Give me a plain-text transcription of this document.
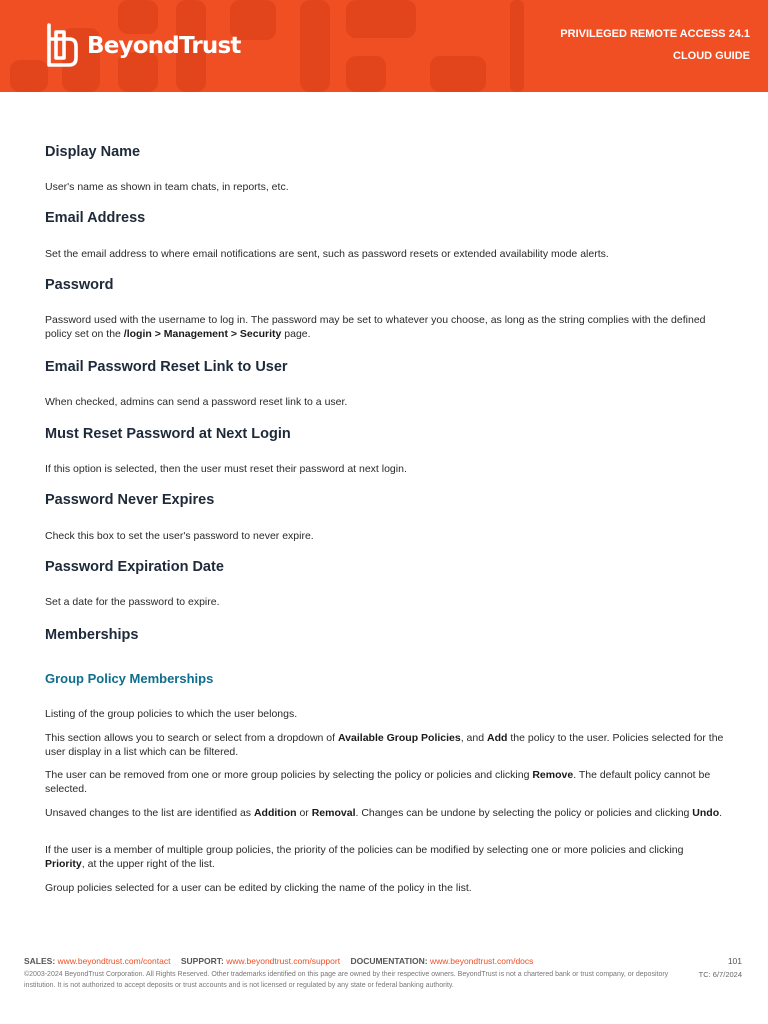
BeyondTrust	PRIVILEGED REMOTE ACCESS 24.1
CLOUD GUIDE
Display Name

User's name as shown in team chats, in reports, etc.

Email Address

Set the email address to where email notifications are sent, such as password resets or extended availability mode alerts.

Password

Password used with the username to log in. The password may be set to whatever you choose, as long as the string complies with the defined policy set on the /login > Management > Security page.

Email Password Reset Link to User

When checked, admins can send a password reset link to a user.

Must Reset Password at Next Login

If this option is selected, then the user must reset their password at next login.

Password Never Expires

Check this box to set the user's password to never expire.

Password Expiration Date

Set a date for the password to expire.

Memberships
Group Policy Memberships

Listing of the group policies to which the user belongs.

This section allows you to search or select from a dropdown of Available Group Policies, and Add the policy to the user. Policies selected for the user display in a list which can be filtered.

The user can be removed from one or more group policies by selecting the policy or policies and clicking Remove. The default policy cannot be selected.

Unsaved changes to the list are identified as Addition or Removal. Changes can be undone by selecting the policy or policies and clicking Undo.

If the user is a member of multiple group policies, the priority of the policies can be modified by selecting one or more policies and clicking Priority, at the upper right of the list.

Group policies selected for a user can be edited by clicking the name of the policy in the list.

SALES: www.beyondtrust.com/contact SUPPORT: www.beyondtrust.com/support DOCUMENTATION: www.beyondtrust.com/docs	101
TC: 6/7/2024
©2003-2024 BeyondTrust Corporation. All Rights Reserved. Other trademarks identified on this page are owned by their respective owners. BeyondTrust is not a chartered bank or trust company, or depository institution. It is not authorized to accept deposits or trust accounts and is not licensed or regulated by any state or federal banking authority.
